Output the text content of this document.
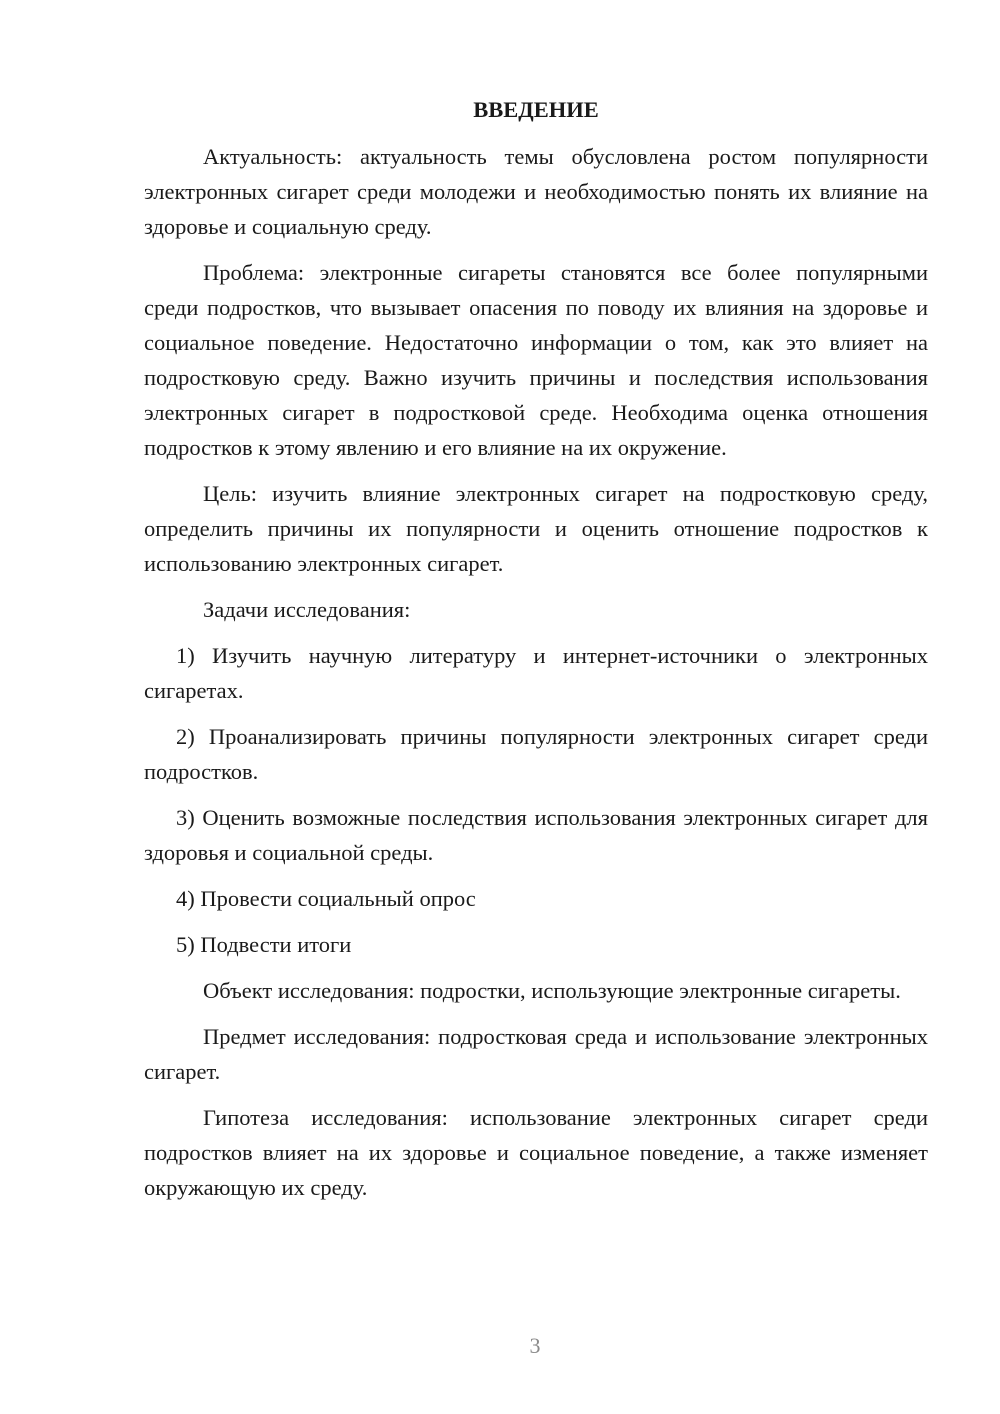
ВВЕДЕНИЕ

Актуальность: актуальность темы обусловлена ростом популярности электронных сигарет среди молодежи и необходимостью понять их влияние на здоровье и социальную среду.

Проблема: электронные сигареты становятся все более популярными среди подростков, что вызывает опасения по поводу их влияния на здоровье и социальное поведение. Недостаточно информации о том, как это влияет на подростковую среду. Важно изучить причины и последствия использования электронных сигарет в подростковой среде. Необходима оценка отношения подростков к этому явлению и его влияние на их окружение.

Цель: изучить влияние электронных сигарет на подростковую среду, определить причины их популярности и оценить отношение подростков к использованию электронных сигарет.

Задачи исследования:

1) Изучить научную литературу и интернет-источники о электронных сигаретах.

2) Проанализировать причины популярности электронных сигарет среди подростков.

3) Оценить возможные последствия использования электронных сигарет для здоровья и социальной среды.

4) Провести социальный опрос

5) Подвести итоги

Объект исследования: подростки, использующие электронные сигареты.

Предмет исследования: подростковая среда и использование электронных сигарет.

Гипотеза исследования: использование электронных сигарет среди подростков влияет на их здоровье и социальное поведение, а также изменяет окружающую их среду.

3
